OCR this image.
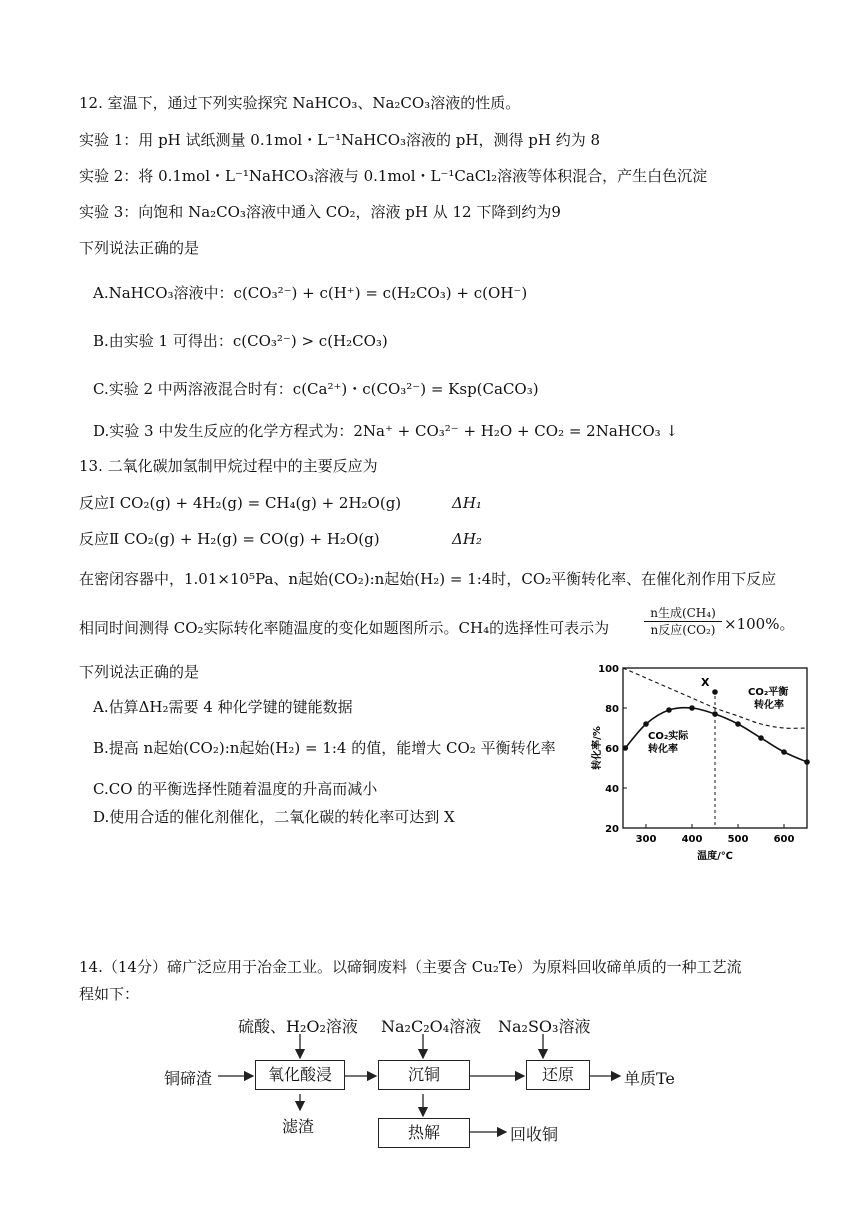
12. 室温下，通过下列实验探究 NaHCO₃、Na₂CO₃溶液的性质。
实验 1：用 pH 试纸测量 0.1mol・L⁻¹NaHCO₃溶液的 pH，测得 pH 约为 8
实验 2：将 0.1mol・L⁻¹NaHCO₃溶液与 0.1mol・L⁻¹CaCl₂溶液等体积混合，产生白色沉淀
实验 3：向饱和 Na₂CO₃溶液中通入 CO₂，溶液 pH 从 12 下降到约为9
下列说法正确的是
A.NaHCO₃溶液中：c(CO₃²⁻) + c(H⁺) = c(H₂CO₃) + c(OH⁻)
B.由实验 1 可得出：c(CO₃²⁻) > c(H₂CO₃)
C.实验 2 中两溶液混合时有：c(Ca²⁺)・c(CO₃²⁻) = Ksp(CaCO₃)
D.实验 3 中发生反应的化学方程式为：2Na⁺ + CO₃²⁻ + H₂O + CO₂ = 2NaHCO₃ ↓
13. 二氧化碳加氢制甲烷过程中的主要反应为
反应Ⅰ CO₂(g) + 4H₂(g) = CH₄(g) + 2H₂O(g)	ΔH₁
反应Ⅱ CO₂(g) + H₂(g) = CO(g) + H₂O(g)	ΔH₂
在密闭容器中，1.01×10⁵Pa、n起始(CO₂):n起始(H₂) = 1:4时，CO₂平衡转化率、在催化剂作用下反应
相同时间测得 CO₂实际转化率随温度的变化如题图所示。CH₄的选择性可表示为
n生成(CH₄)
n反应(CO₂) ×100%。
下列说法正确的是
A.估算ΔH₂需要 4 种化学键的键能数据
B.提高 n起始(CO₂):n起始(H₂) = 1:4 的值，能增大 CO₂ 平衡转化率
C.CO 的平衡选择性随着温度的升高而减小
D.使用合适的催化剂催化，二氧化碳的转化率可达到 X
300	400	500	600
20
40
60
80
100
温度/℃
转化率/%
X
CO₂平衡
转化率
CO₂实际
转化率
14.（14分）碲广泛应用于冶金工业。以碲铜废料（主要含 Cu₂Te）为原料回收碲单质的一种工艺流
程如下：
硫酸、H₂O₂溶液 Na₂C₂O₄溶液 Na₂SO₃溶液
铜碲渣	氧化酸浸	沉铜	还原	单质Te
滤渣	热解	回收铜
